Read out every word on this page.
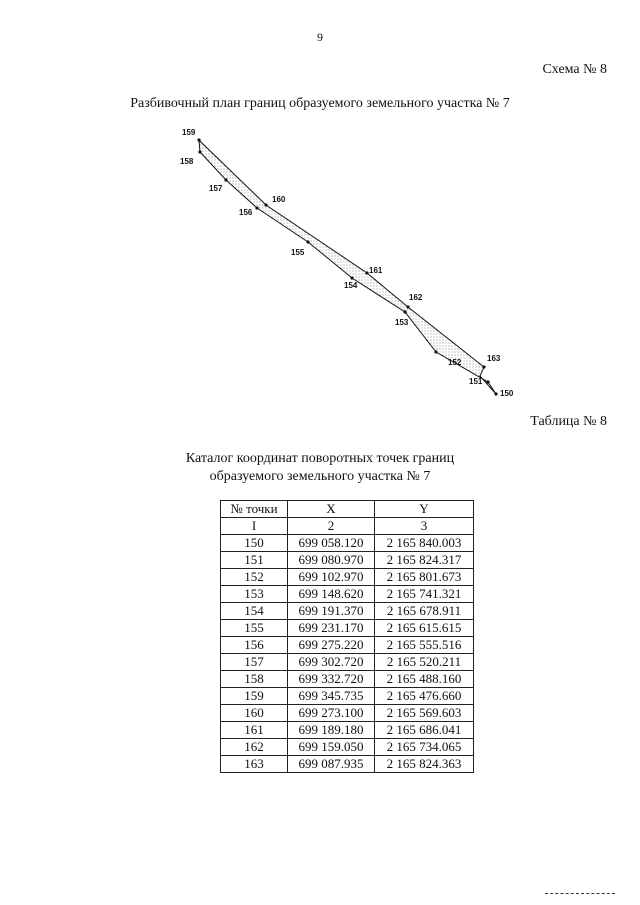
9
Схема № 8
Разбивочный план границ образуемого земельного участка № 7
159
158
157
156
160
155
161
154
162
153
152	163
151
150
Таблица № 8
Каталог координат поворотных точек границ
образуемого земельного участка № 7
№ точки	X	Y
I	2	3
150	699 058.120	2 165 840.003
151	699 080.970	2 165 824.317
152	699 102.970	2 165 801.673
153	699 148.620	2 165 741.321
154	699 191.370	2 165 678.911
155	699 231.170	2 165 615.615
156	699 275.220	2 165 555.516
157	699 302.720	2 165 520.211
158	699 332.720	2 165 488.160
159	699 345.735	2 165 476.660
160	699 273.100	2 165 569.603
161	699 189.180	2 165 686.041
162	699 159.050	2 165 734.065
163	699 087.935	2 165 824.363
